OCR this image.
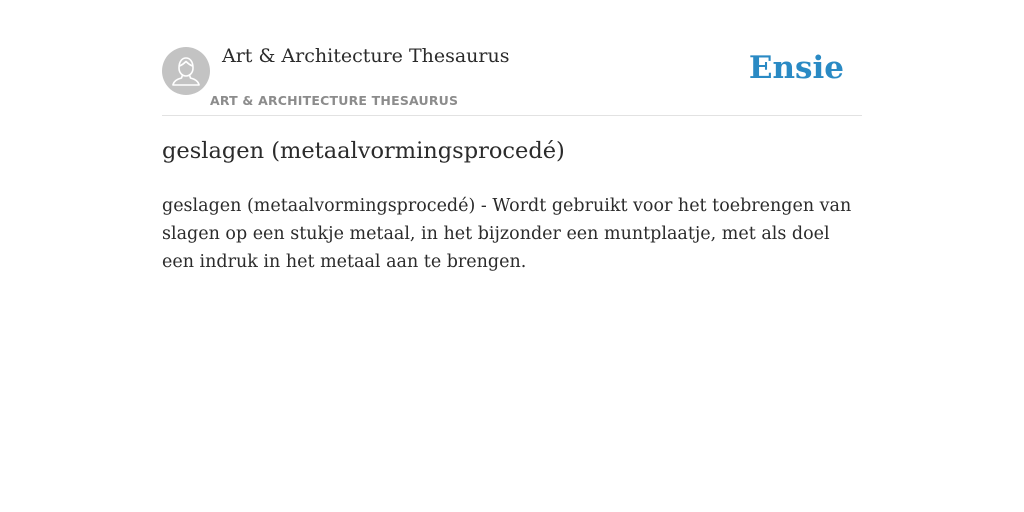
Art & Architecture Thesaurus
ART & ARCHITECTURE THESAURUS
Ensie
geslagen (metaalvormingsprocedé)

geslagen (metaalvormingsprocedé) - Wordt gebruikt voor het toebrengen van slagen op een stukje metaal, in het bijzonder een muntplaatje, met als doel een indruk in het metaal aan te brengen.
